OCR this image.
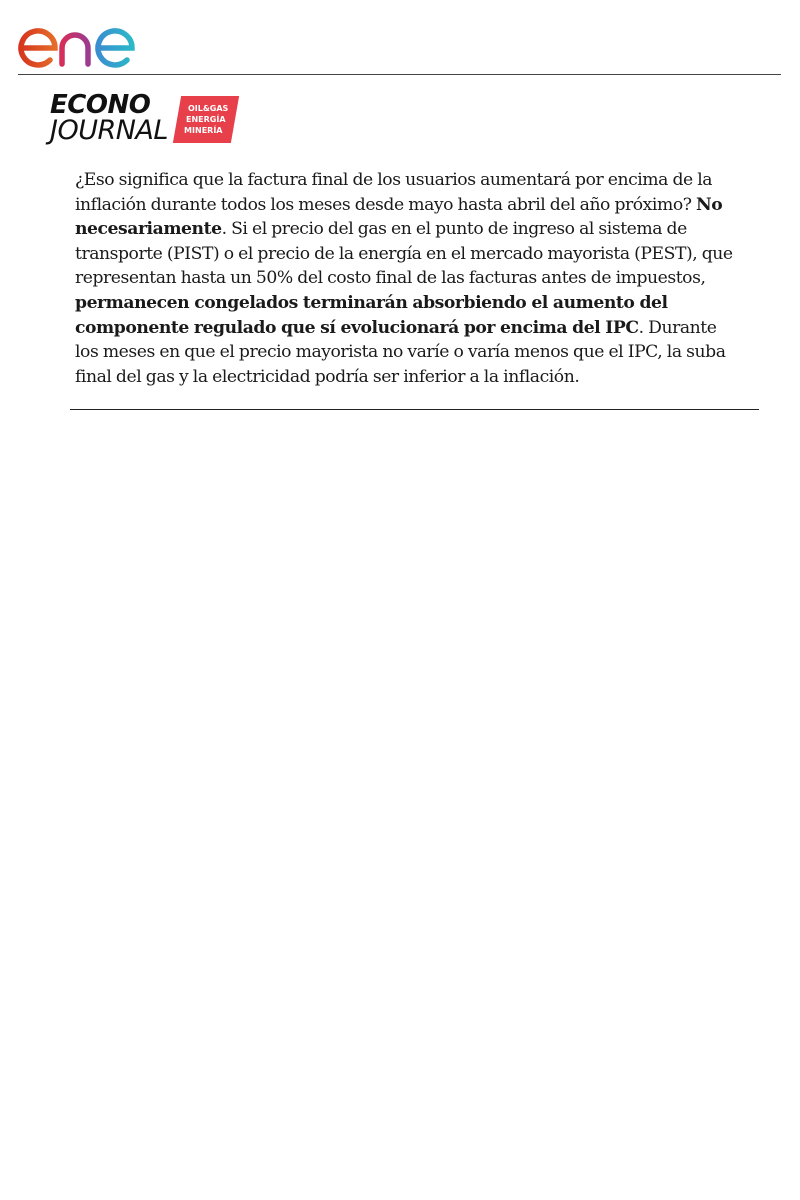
ECONO
JOURNAL
OIL&GAS
ENERGÍA
MINERÍA

¿Eso significa que la factura final de los usuarios aumentará por encima de la inflación durante todos los meses desde mayo hasta abril del año próximo? No necesariamente. Si el precio del gas en el punto de ingreso al sistema de transporte (PIST) o el precio de la energía en el mercado mayorista (PEST), que representan hasta un 50% del costo final de las facturas antes de impuestos, permanecen congelados terminarán absorbiendo el aumento del componente regulado que sí evolucionará por encima del IPC. Durante los meses en que el precio mayorista no varíe o varía menos que el IPC, la suba final del gas y la electricidad podría ser inferior a la inflación.
